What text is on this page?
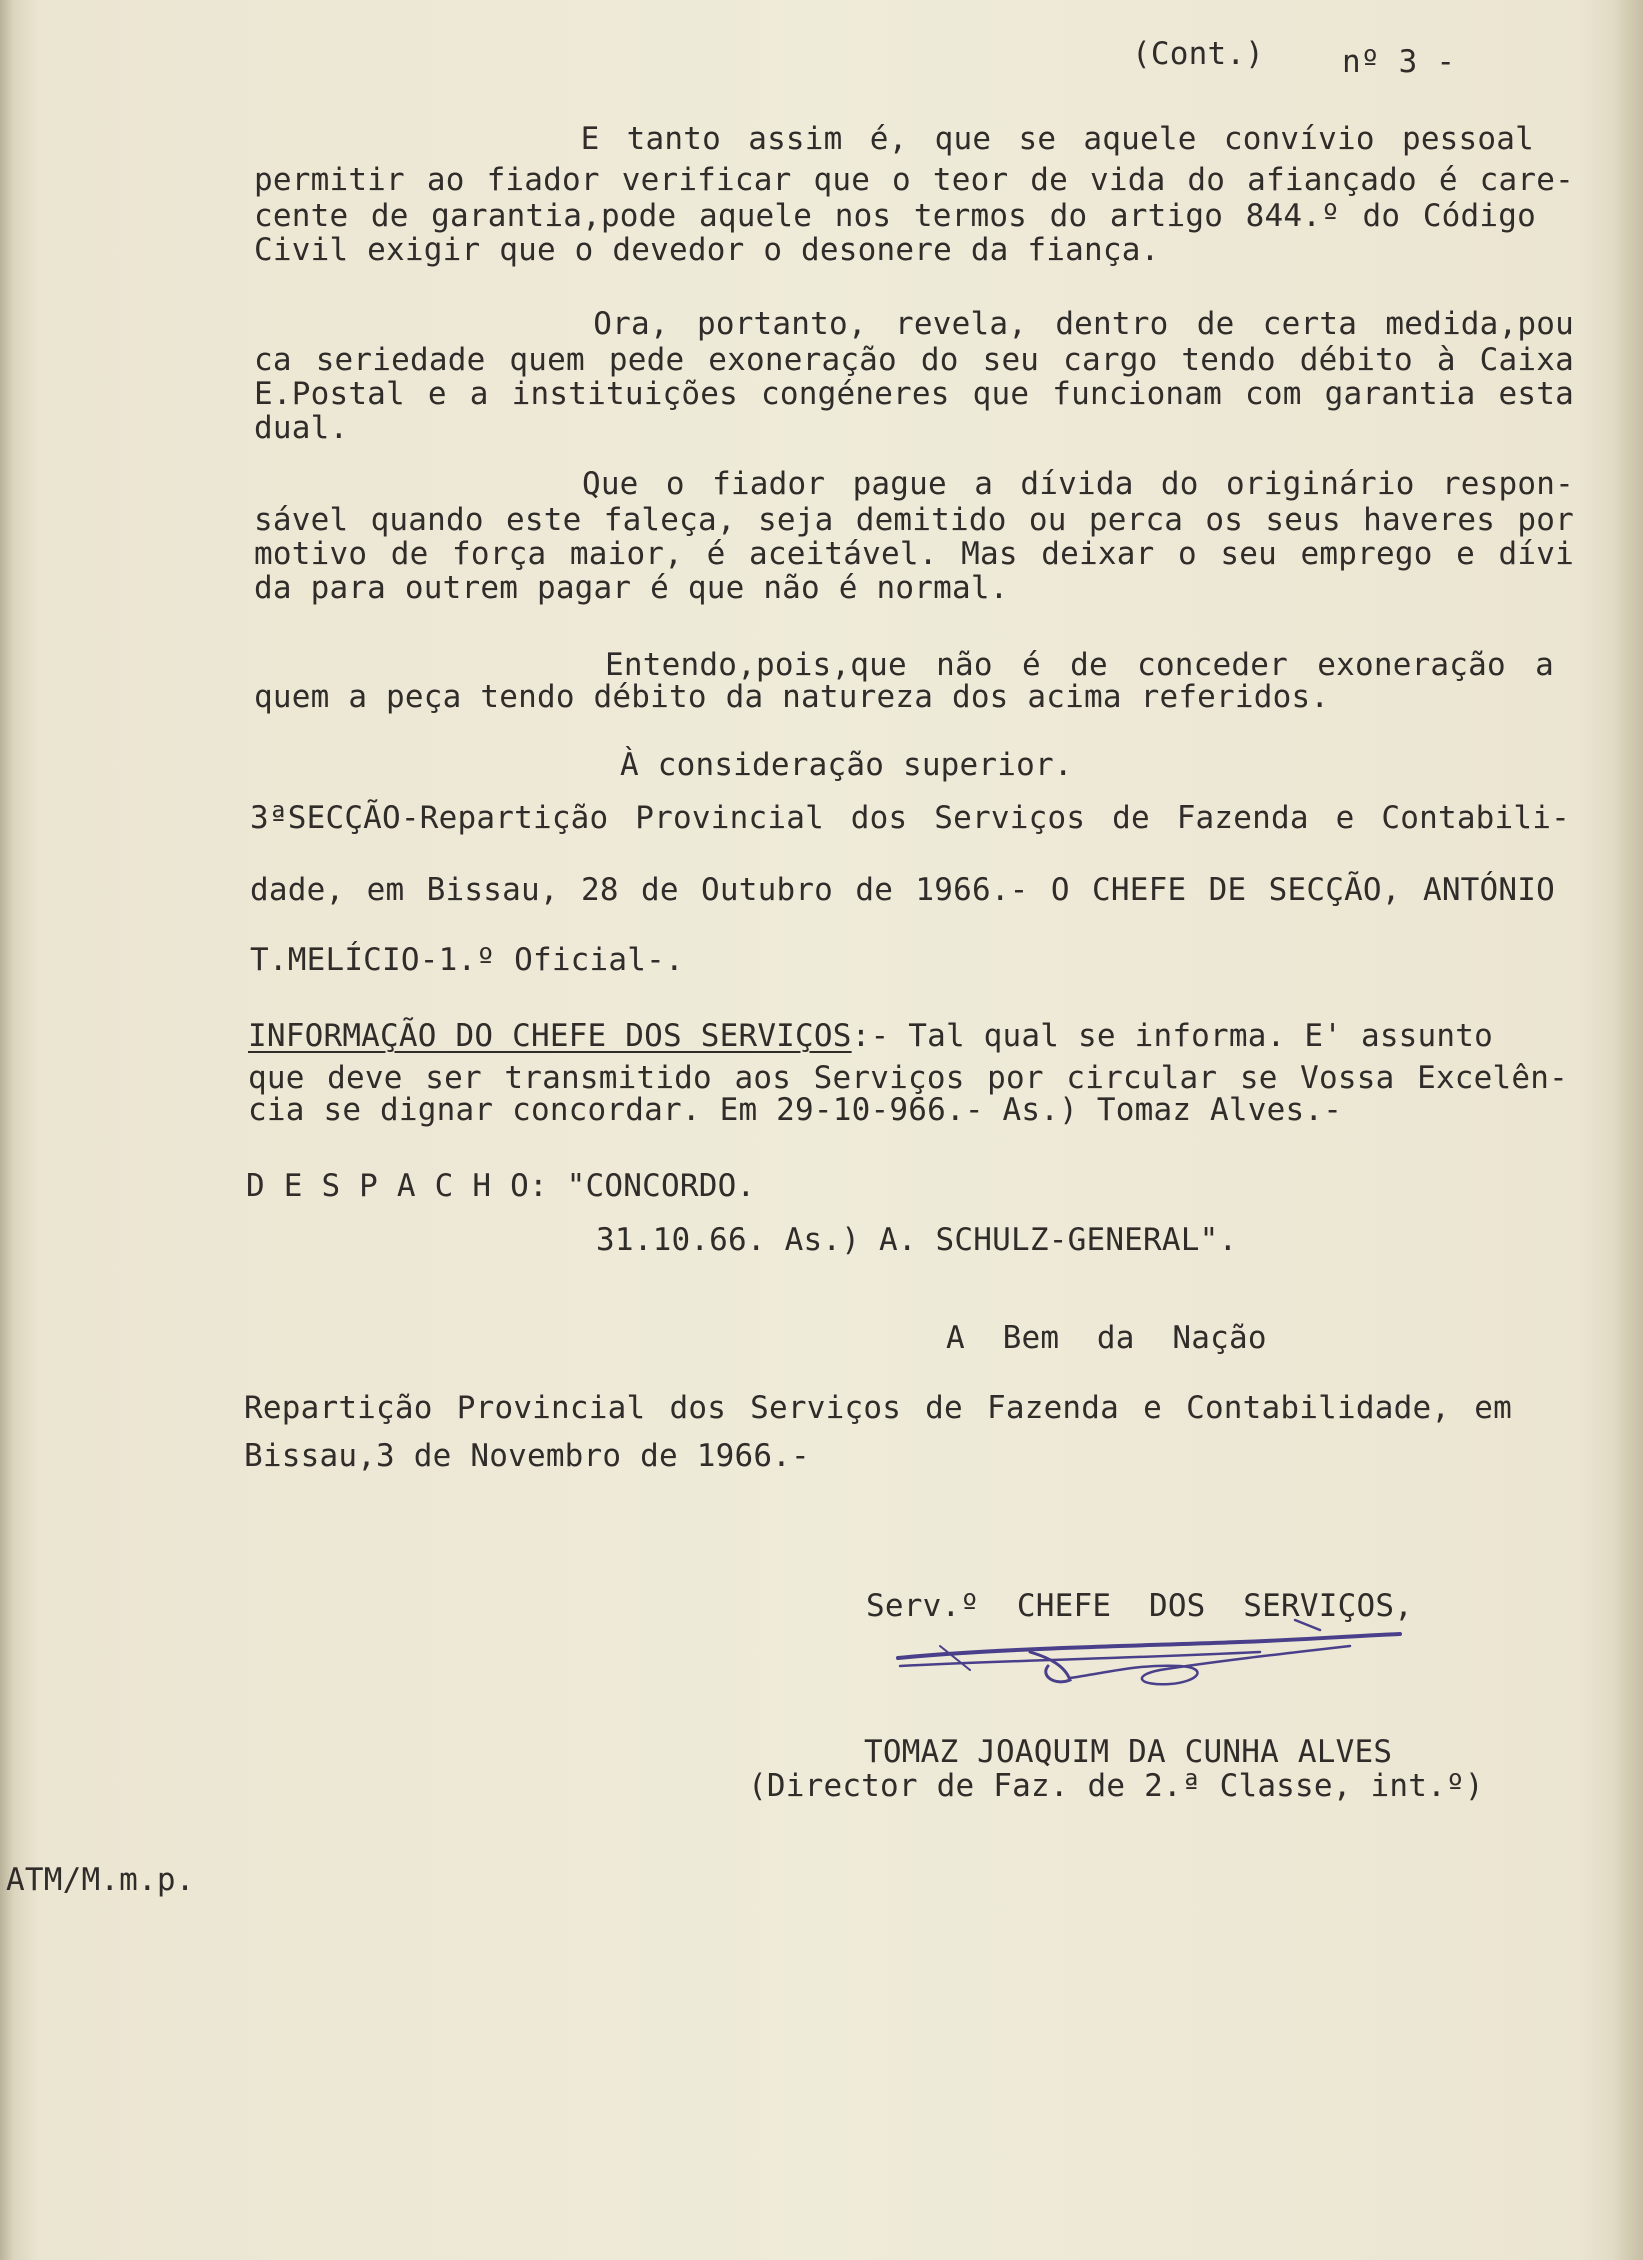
(Cont.)	nº 3 -
E tanto assim é, que se aquele convívio pessoal
permitir ao fiador verificar que o teor de vida do afiançado é care-
cente de garantia,pode aquele nos termos do artigo 844.º do Código
Civil exigir que o devedor o desonere da fiança.
Ora, portanto, revela, dentro de certa medida,pou
ca seriedade quem pede exoneração do seu cargo tendo débito à Caixa
E.Postal e a instituições congéneres que funcionam com garantia esta
dual.
Que o fiador pague a dívida do originário respon-
sável quando este faleça, seja demitido ou perca os seus haveres por
motivo de força maior, é aceitável. Mas deixar o seu emprego e dívi
da para outrem pagar é que não é normal.
Entendo,pois,que não é de conceder exoneração a
quem a peça tendo débito da natureza dos acima referidos.
À consideração superior.
3ªSECÇÃO-Repartição Provincial dos Serviços de Fazenda e Contabili-
dade, em Bissau, 28 de Outubro de 1966.- O CHEFE DE SECÇÃO, ANTÓNIO
T.MELÍCIO-1.º Oficial-.
INFORMAÇÃO DO CHEFE DOS SERVIÇOS:- Tal qual se informa. E' assunto
que deve ser transmitido aos Serviços por circular se Vossa Excelên-
cia se dignar concordar. Em 29-10-966.- As.) Tomaz Alves.-
D E S P A C H O: "CONCORDO.
31.10.66. As.) A. SCHULZ-GENERAL".
A  Bem  da  Nação
Repartição Provincial dos Serviços de Fazenda e Contabilidade, em
Bissau,3 de Novembro de 1966.-
Serv.º  CHEFE  DOS  SERVIÇOS,
TOMAZ JOAQUIM DA CUNHA ALVES
(Director de Faz. de 2.ª Classe, int.º)
ATM/M.m.p.
